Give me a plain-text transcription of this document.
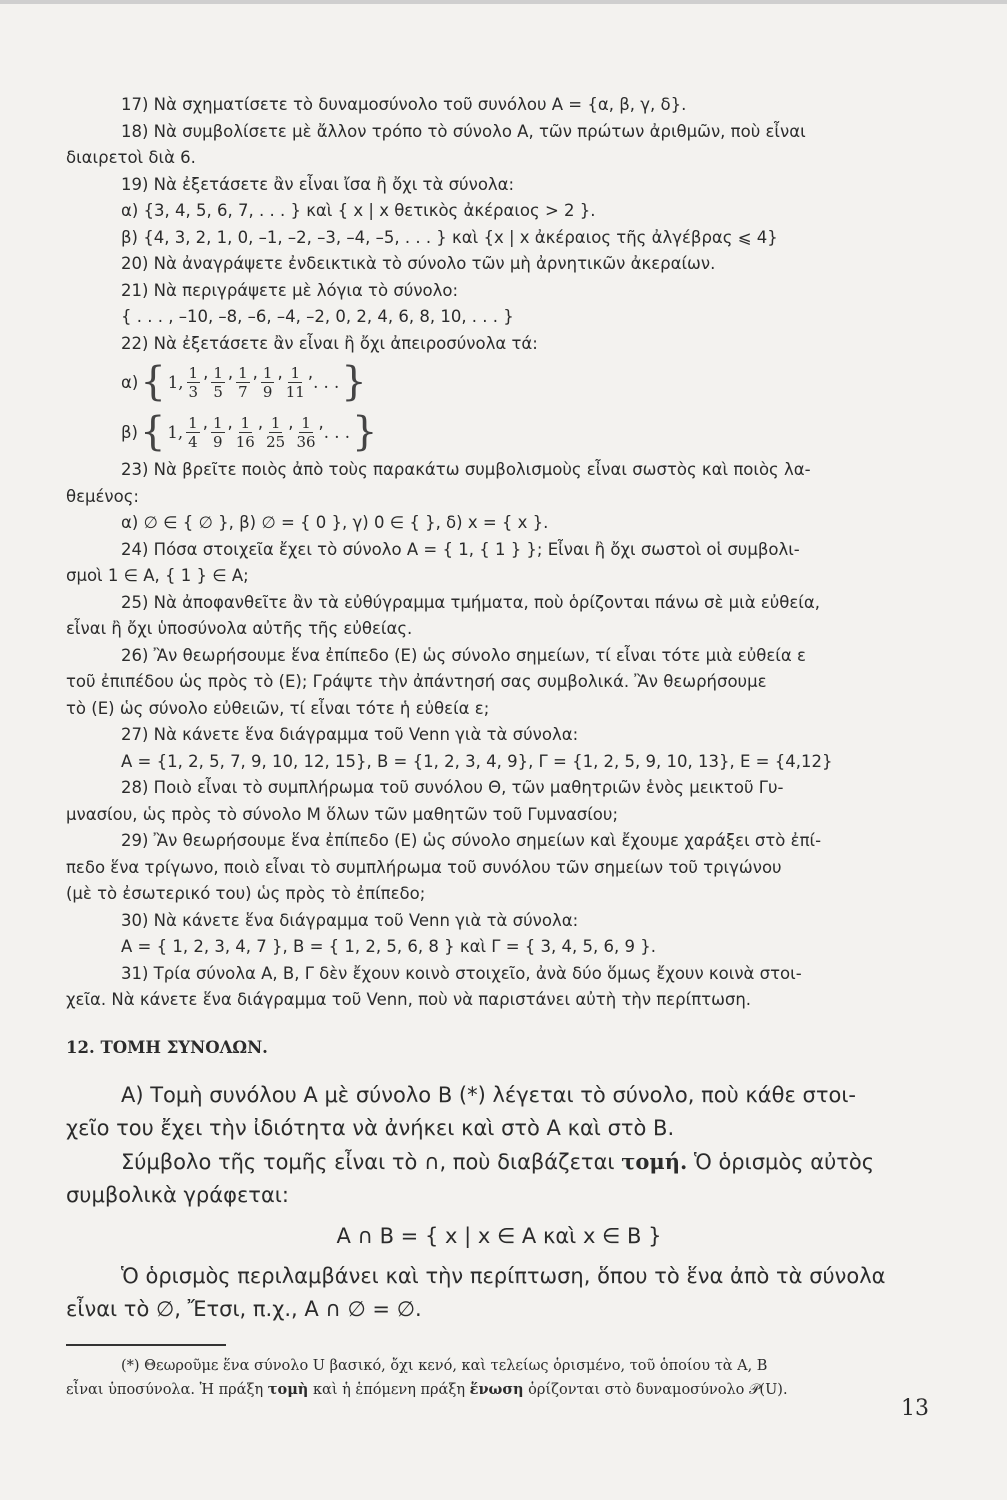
17) Νὰ σχηματίσετε τὸ δυναμοσύνολο τοῦ συνόλου Α = {α, β, γ, δ}.

18) Νὰ συμβολίσετε μὲ ἄλλον τρόπο τὸ σύνολο Α, τῶν πρώτων ἀριθμῶν, ποὺ εἶναι

διαιρετοὶ διὰ 6.

19) Νὰ ἐξετάσετε ἂν εἶναι ἴσα ἢ ὄχι τὰ σύνολα:

α) {3, 4, 5, 6, 7, . . . } καὶ { x | x θετικὸς ἀκέραιος > 2 }.

β) {4, 3, 2, 1, 0, –1, –2, –3, –4, –5, . . . } καὶ {x | x ἀκέραιος τῆς ἀλγέβρας ⩽ 4}

20) Νὰ ἀναγράψετε ἐνδεικτικὰ τὸ σύνολο τῶν μὴ ἀρνητικῶν ἀκεραίων.

21) Νὰ περιγράψετε μὲ λόγια τὸ σύνολο:

{ . . . , –10, –8, –6, –4, –2, 0, 2, 4, 6, 8, 10, . . . }

22) Νὰ ἐξετάσετε ἂν εἶναι ἢ ὄχι ἀπειροσύνολα τά:

α) { 1, $\frac{1}{3}$ , $\frac{1}{5}$ , $\frac{1}{7}$ , $\frac{1}{9}$ , $\frac{1}{11}$ , . . . }
β) { 1, $\frac{1}{4}$ , $\frac{1}{9}$ , $\frac{1}{16}$ , $\frac{1}{25}$ , $\frac{1}{36}$ , . . . }

23) Νὰ βρεῖτε ποιὸς ἀπὸ τοὺς παρακάτω συμβολισμοὺς εἶναι σωστὸς καὶ ποιὸς λα-

θεμένος:

α) ∅ ∈ { ∅ }, β) ∅ = { 0 }, γ) 0 ∈ { }, δ) x = { x }.

24) Πόσα στοιχεῖα ἔχει τὸ σύνολο Α = { 1, { 1 } }; Εἶναι ἢ ὄχι σωστοὶ οἱ συμβολι-

σμοὶ 1 ∈ Α, { 1 } ∈ Α;

25) Νὰ ἀποφανθεῖτε ἂν τὰ εὐθύγραμμα τμήματα, ποὺ ὁρίζονται πάνω σὲ μιὰ εὐθεία,

εἶναι ἢ ὄχι ὑποσύνολα αὐτῆς τῆς εὐθείας.

26) Ἂν θεωρήσουμε ἕνα ἐπίπεδο (Ε) ὡς σύνολο σημείων, τί εἶναι τότε μιὰ εὐθεία ε

τοῦ ἐπιπέδου ὡς πρὸς τὸ (Ε); Γράψτε τὴν ἀπάντησή σας συμβολικά. Ἂν θεωρήσουμε

τὸ (Ε) ὡς σύνολο εὐθειῶν, τί εἶναι τότε ἡ εὐθεία ε;

27) Νὰ κάνετε ἕνα διάγραμμα τοῦ Venn γιὰ τὰ σύνολα:

Α = {1, 2, 5, 7, 9, 10, 12, 15}, Β = {1, 2, 3, 4, 9}, Γ = {1, 2, 5, 9, 10, 13}, Ε = {4,12}

28) Ποιὸ εἶναι τὸ συμπλήρωμα τοῦ συνόλου Θ, τῶν μαθητριῶν ἑνὸς μεικτοῦ Γυ-

μνασίου, ὡς πρὸς τὸ σύνολο Μ ὅλων τῶν μαθητῶν τοῦ Γυμνασίου;

29) Ἂν θεωρήσουμε ἕνα ἐπίπεδο (Ε) ὡς σύνολο σημείων καὶ ἔχουμε χαράξει στὸ ἐπί-

πεδο ἕνα τρίγωνο, ποιὸ εἶναι τὸ συμπλήρωμα τοῦ συνόλου τῶν σημείων τοῦ τριγώνου

(μὲ τὸ ἐσωτερικό του) ὡς πρὸς τὸ ἐπίπεδο;

30) Νὰ κάνετε ἕνα διάγραμμα τοῦ Venn γιὰ τὰ σύνολα:

Α = { 1, 2, 3, 4, 7 }, Β = { 1, 2, 5, 6, 8 } καὶ Γ = { 3, 4, 5, 6, 9 }.

31) Τρία σύνολα Α, Β, Γ δὲν ἔχουν κοινὸ στοιχεῖο, ἀνὰ δύο ὅμως ἔχουν κοινὰ στοι-

χεῖα. Νὰ κάνετε ἕνα διάγραμμα τοῦ Venn, ποὺ νὰ παριστάνει αὐτὴ τὴν περίπτωση.

12. ΤΟΜΗ ΣΥΝΟΛΩΝ.

Α) Τομὴ συνόλου Α μὲ σύνολο Β (*) λέγεται τὸ σύνολο, ποὺ κάθε στοι-

χεῖο του ἔχει τὴν ἰδιότητα νὰ ἀνήκει καὶ στὸ Α καὶ στὸ Β.

Σύμβολο τῆς τομῆς εἶναι τὸ ∩, ποὺ διαβάζεται τομή. Ὁ ὁρισμὸς αὐτὸς

συμβολικὰ γράφεται:

Α ∩ Β = { x | x ∈ Α καὶ x ∈ Β }

Ὁ ὁρισμὸς περιλαμβάνει καὶ τὴν περίπτωση, ὅπου τὸ ἕνα ἀπὸ τὰ σύνολα

εἶναι τὸ ∅, Ἔτσι, π.χ., Α ∩ ∅ = ∅.

(*) Θεωροῦμε ἕνα σύνολο U βασικό, ὄχι κενό, καὶ τελείως ὁρισμένο, τοῦ ὁποίου τὰ Α, Β

εἶναι ὑποσύνολα. Ἡ πράξη τομὴ καὶ ἡ ἑπόμενη πράξη ἕνωση ὁρίζονται στὸ δυναμοσύνολο 𝒫(U).

13
